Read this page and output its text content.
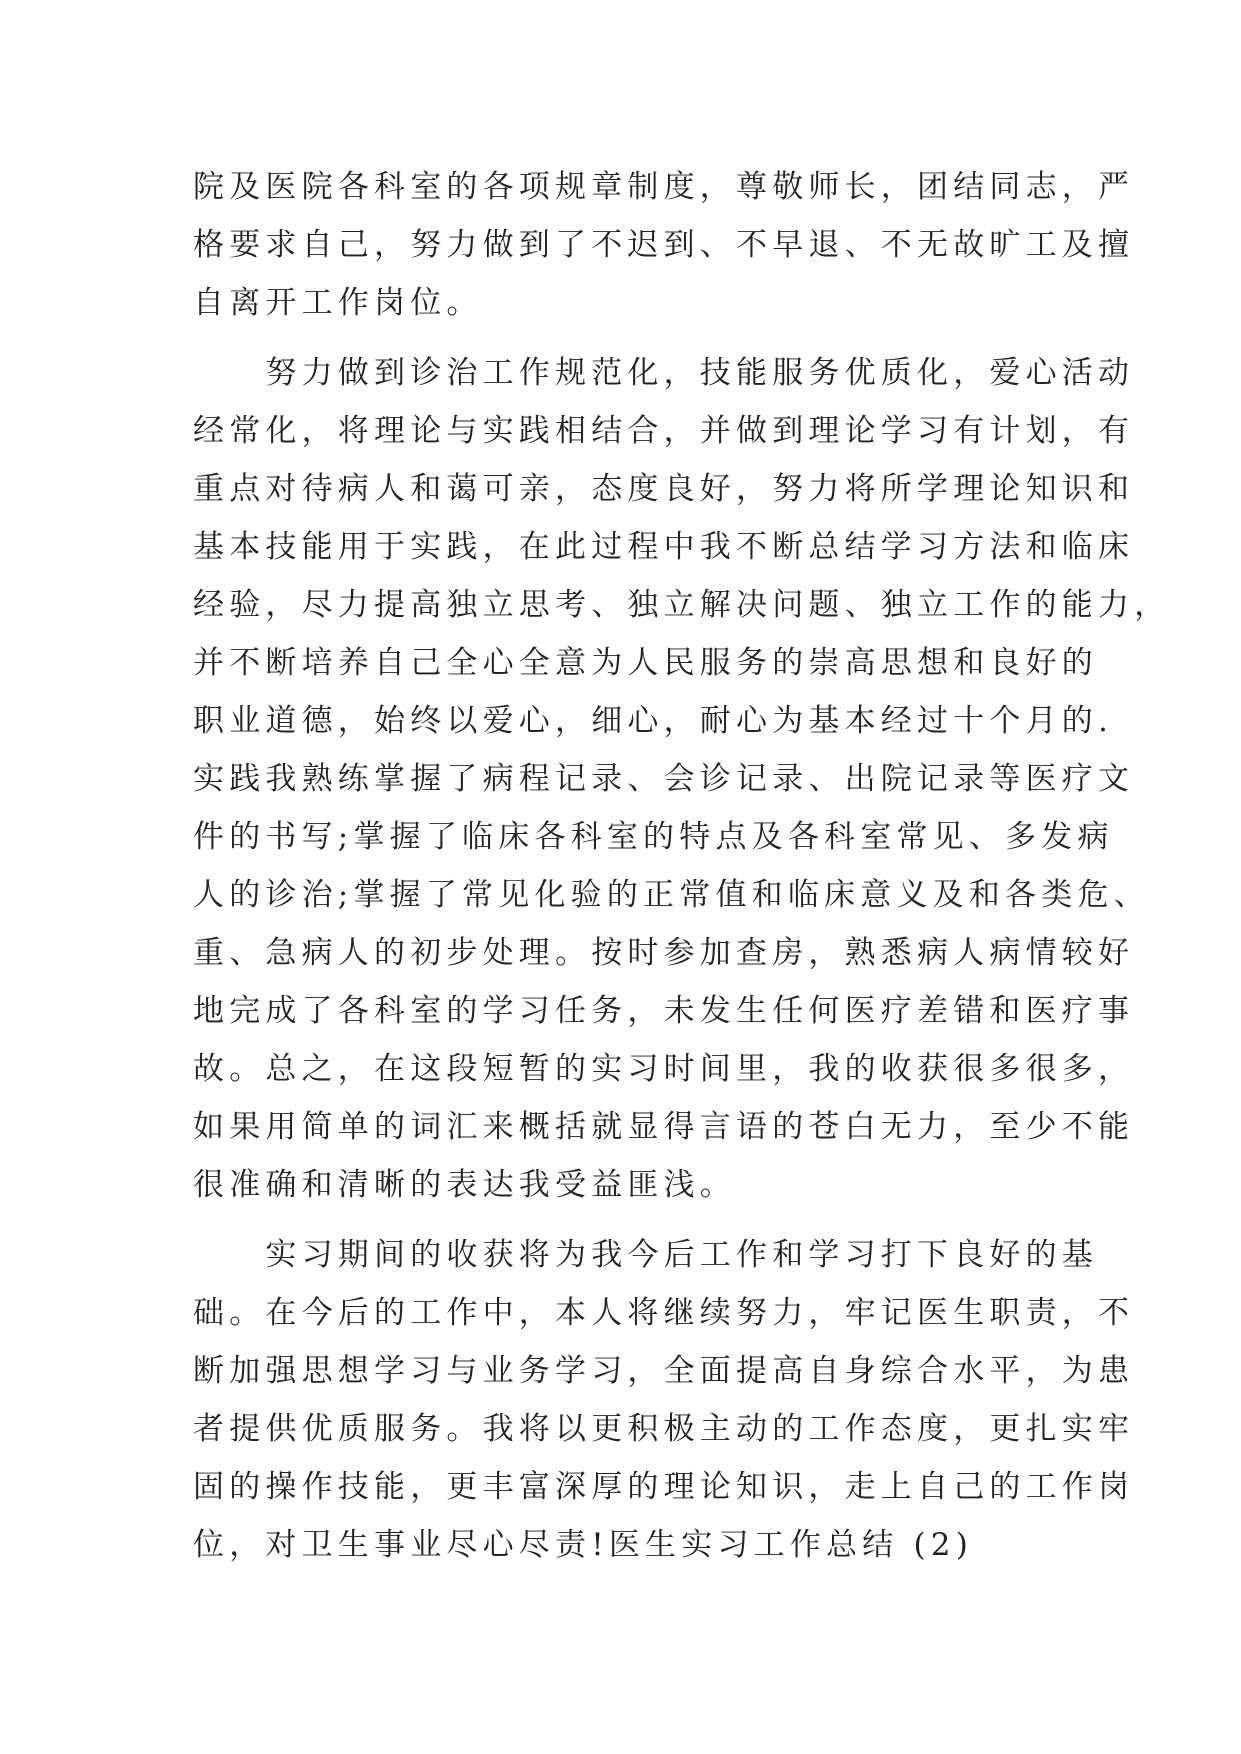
院及医院各科室的各项规章制度，尊敬师长，团结同志，严
格要求自己，努力做到了不迟到、不早退、不无故旷工及擅
自离开工作岗位。
　　努力做到诊治工作规范化，技能服务优质化，爱心活动
经常化，将理论与实践相结合，并做到理论学习有计划，有
重点对待病人和蔼可亲，态度良好，努力将所学理论知识和
基本技能用于实践，在此过程中我不断总结学习方法和临床
经验，尽力提高独立思考、独立解决问题、独立工作的能力，
并不断培养自己全心全意为人民服务的崇高思想和良好的
职业道德，始终以爱心，细心，耐心为基本经过十个月的.
实践我熟练掌握了病程记录、会诊记录、出院记录等医疗文
件的书写;掌握了临床各科室的特点及各科室常见、多发病
人的诊治;掌握了常见化验的正常值和临床意义及和各类危、
重、急病人的初步处理。按时参加查房，熟悉病人病情较好
地完成了各科室的学习任务，未发生任何医疗差错和医疗事
故。总之，在这段短暂的实习时间里，我的收获很多很多，
如果用简单的词汇来概括就显得言语的苍白无力，至少不能
很准确和清晰的表达我受益匪浅。
　　实习期间的收获将为我今后工作和学习打下良好的基
础。在今后的工作中，本人将继续努力，牢记医生职责，不
断加强思想学习与业务学习，全面提高自身综合水平，为患
者提供优质服务。我将以更积极主动的工作态度，更扎实牢
固的操作技能，更丰富深厚的理论知识，走上自己的工作岗
位，对卫生事业尽心尽责!医生实习工作总结 (2)
